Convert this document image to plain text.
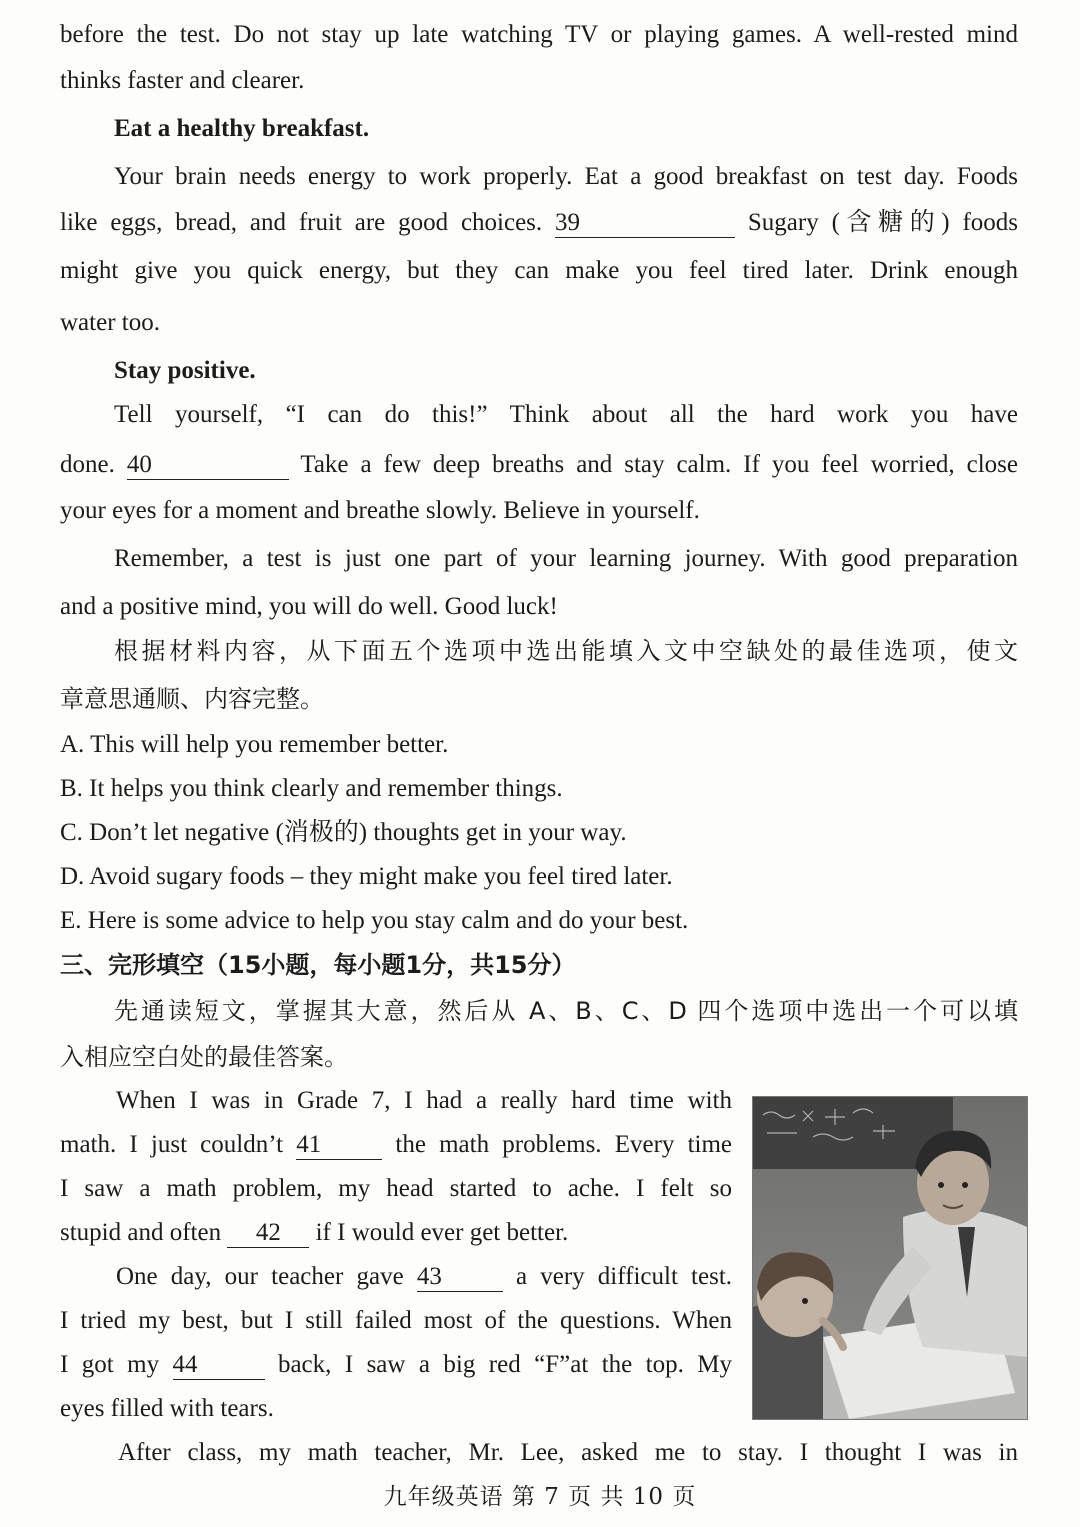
before the test. Do not stay up late watching TV or playing games. A well-rested mind
thinks faster and clearer.
Eat a healthy breakfast.
Your brain needs energy to work properly. Eat a good breakfast on test day. Foods
like eggs, bread, and fruit are good choices. 39	Sugary (含糖的) foods
might give you quick energy, but they can make you feel tired later. Drink enough
water too.
Stay positive.
Tell yourself, “I can do this!” Think about all the hard work you have
done. 40	Take a few deep breaths and stay calm. If you feel worried, close
your eyes for a moment and breathe slowly. Believe in yourself.
Remember, a test is just one part of your learning journey. With good preparation
and a positive mind, you will do well. Good luck!
根据材料内容，从下面五个选项中选出能填入文中空缺处的最佳选项，使文
章意思通顺、内容完整。
A. This will help you remember better.
B. It helps you think clearly and remember things.
C. Don’t let negative (消极的) thoughts get in your way.
D. Avoid sugary foods – they might make you feel tired later.
E. Here is some advice to help you stay calm and do your best.
三、完形填空（15小题，每小题1分，共15分）
先通读短文，掌握其大意，然后从 A、B、C、D 四个选项中选出一个可以填
入相应空白处的最佳答案。
When I was in Grade 7, I had a really hard time with
math. I just couldn’t 41	the math problems. Every time
I saw a math problem, my head started to ache. I felt so
stupid and often 42 if I would ever get better.
One day, our teacher gave 43	a very difficult test.
I tried my best, but I still failed most of the questions. When
I got my 44	back, I saw a big red “F”at the top. My
eyes filled with tears.
After class, my math teacher, Mr. Lee, asked me to stay. I thought I was in
九年级英语 第 7 页 共 10 页
